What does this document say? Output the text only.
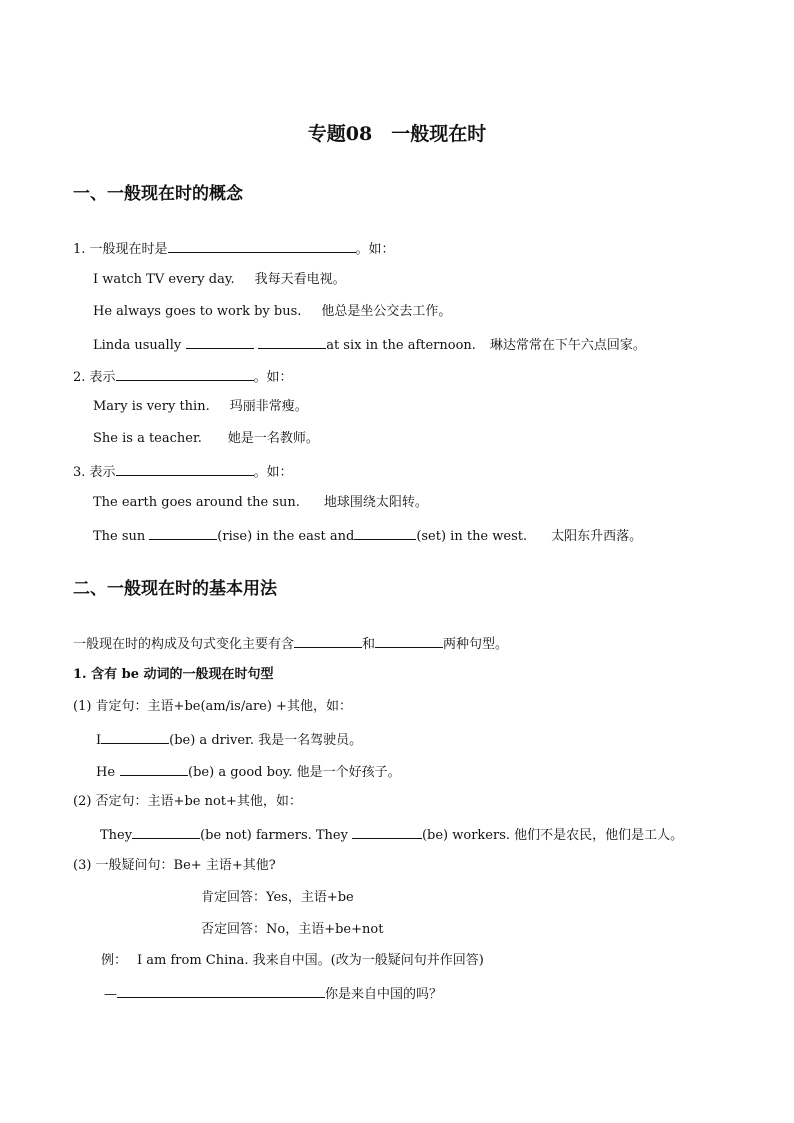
专题08　一般现在时
一、一般现在时的概念
1. 一般现在时是	。如：
I watch TV every day. 我每天看电视。
He always goes to work by bus. 他总是坐公交去工作。
Linda usually	at six in the afternoon. 琳达常常在下午六点回家。
2. 表示	。如：
Mary is very thin. 玛丽非常瘦。
She is a teacher. 她是一名教师。
3. 表示	。如：
The earth goes around the sun. 地球围绕太阳转。
The sun	(rise) in the east and	(set) in the west. 太阳东升西落。
二、一般现在时的基本用法
一般现在时的构成及句式变化主要有含	和	两种句型。
1. 含有 be 动词的一般现在时句型
(1) 肯定句：主语+be(am/is/are) +其他，如：
I	(be) a driver. 我是一名驾驶员。
He	(be) a good boy. 他是一个好孩子。
(2) 否定句：主语+be not+其他，如：
They	(be not) farmers. They	(be) workers. 他们不是农民，他们是工人。
(3) 一般疑问句：Be+ 主语+其他?
肯定回答：Yes，主语+be
否定回答：No，主语+be+not
例： I am from China. 我来自中国。(改为一般疑问句并作回答)
—	你是来自中国的吗？
